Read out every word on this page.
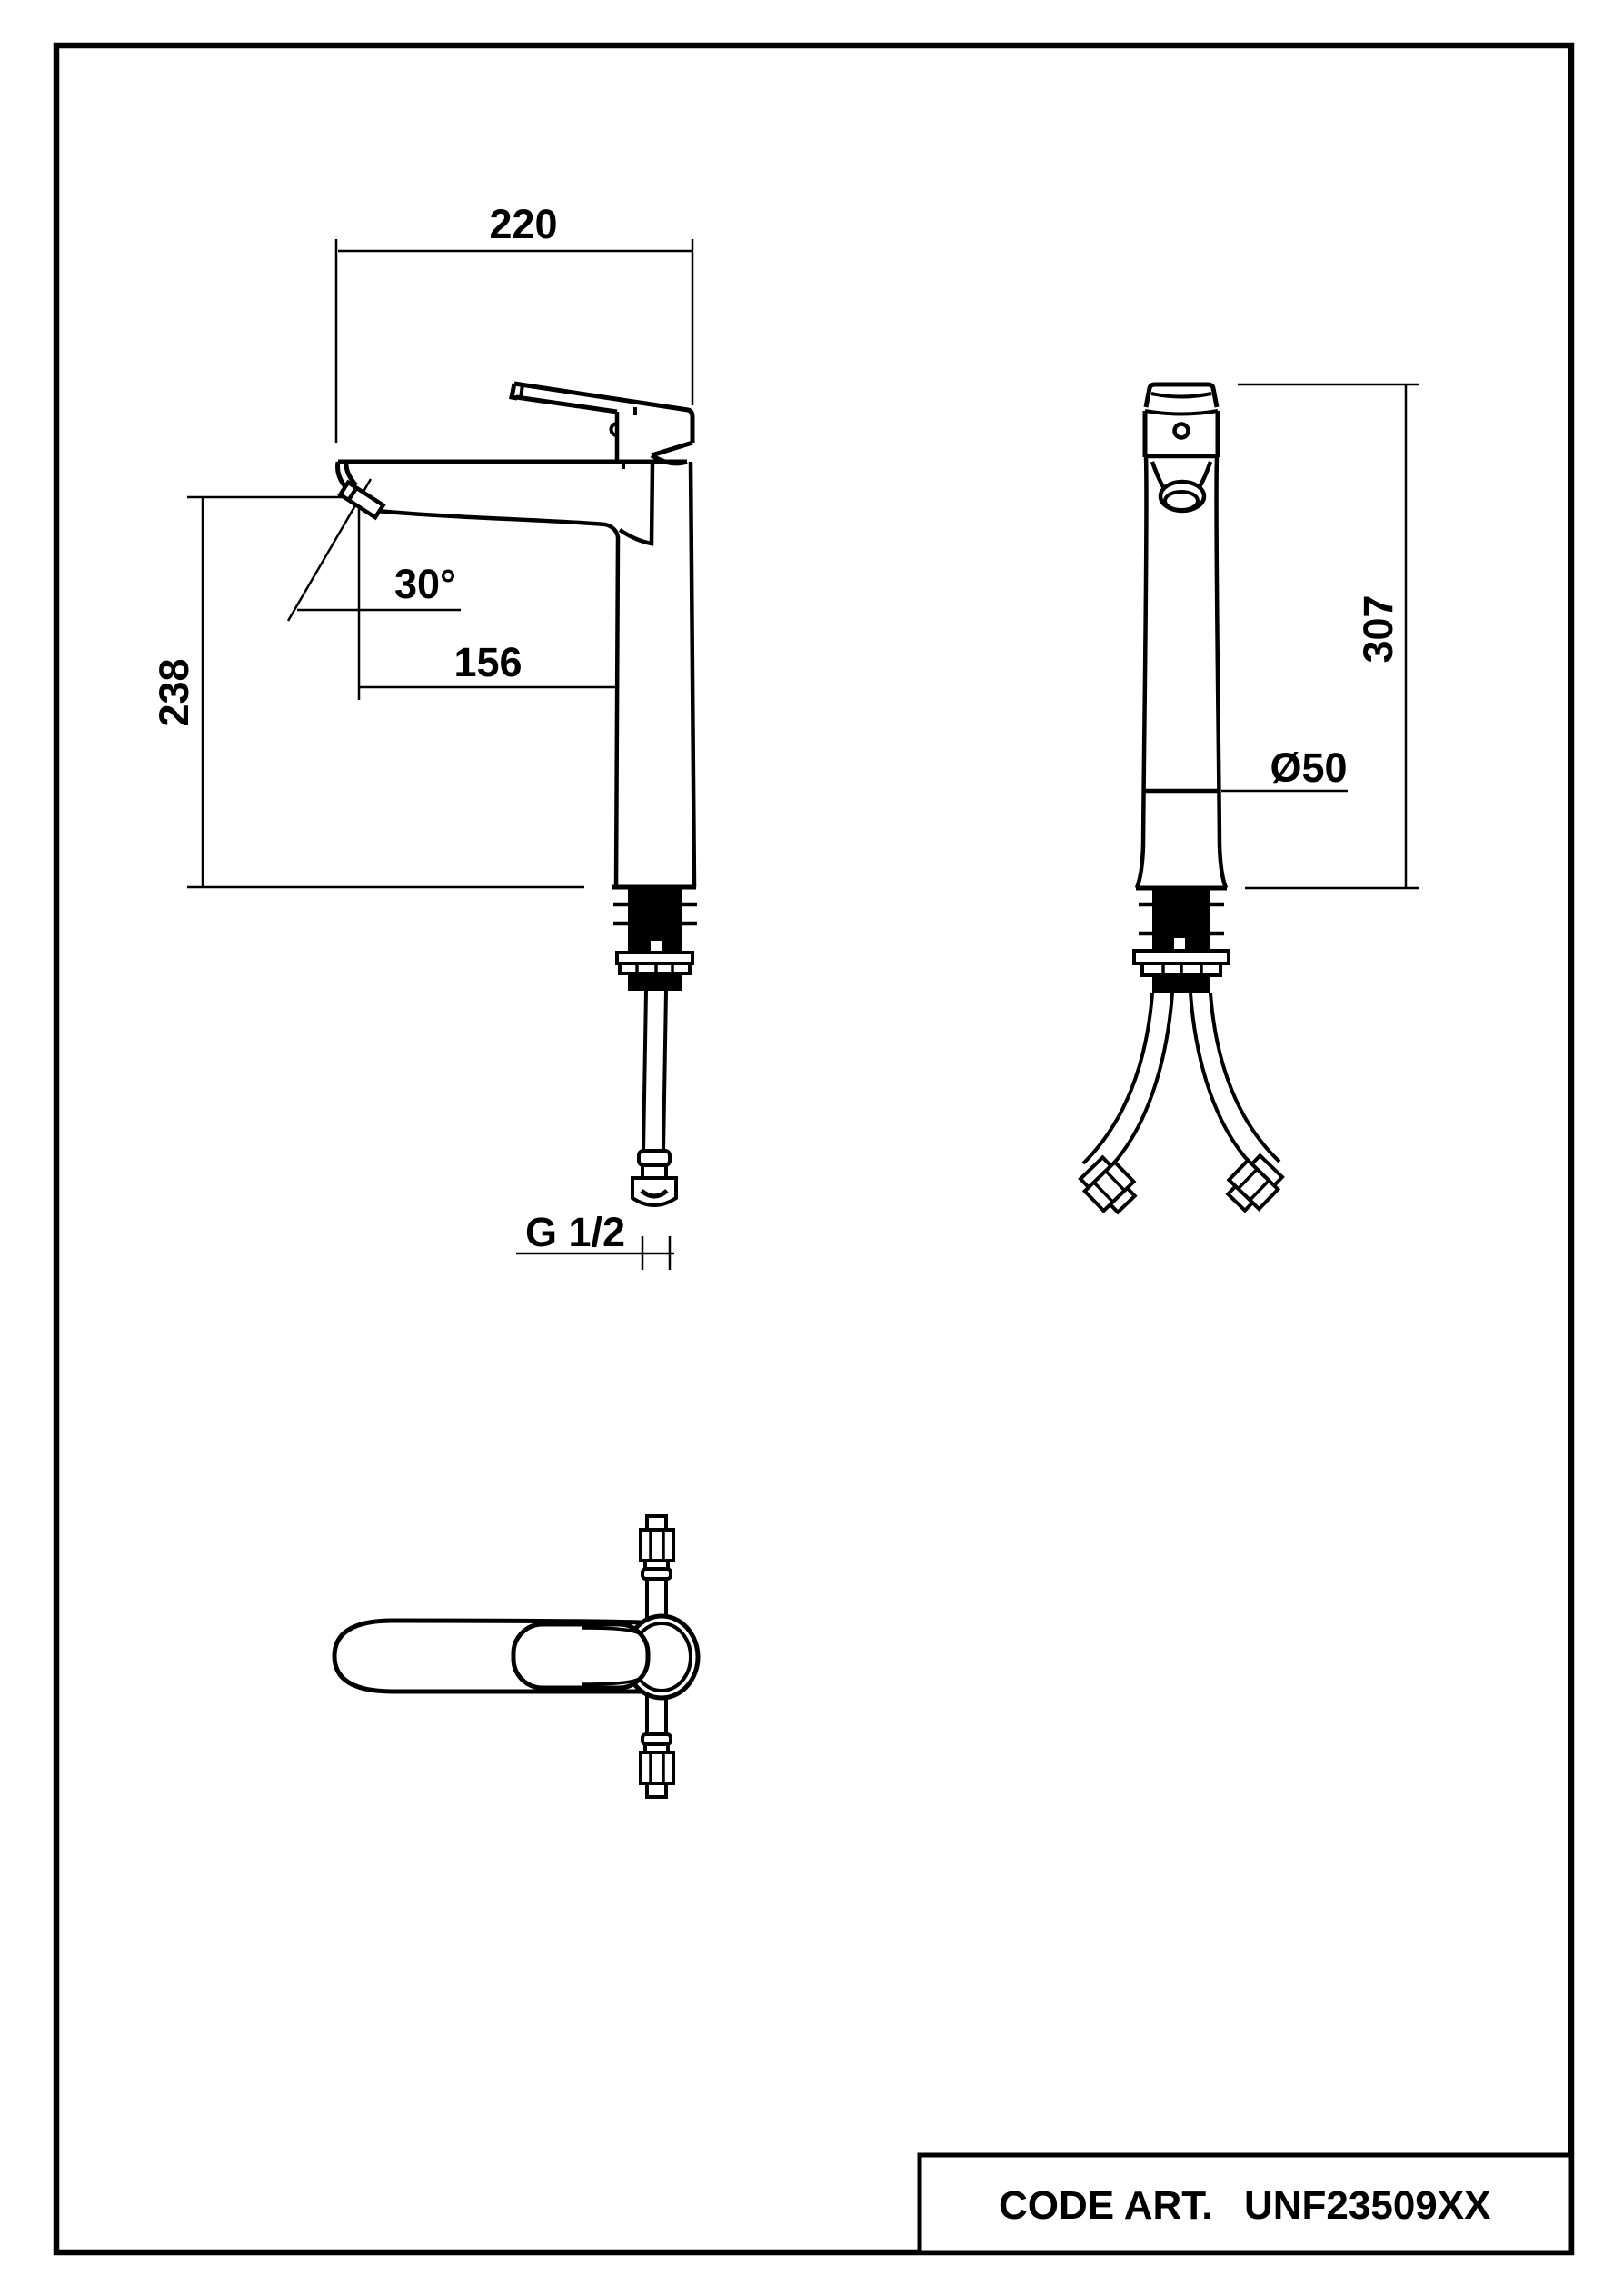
220
238
30°
156
G 1/2
307
Ø50
CODE ART. UNF23509XX
